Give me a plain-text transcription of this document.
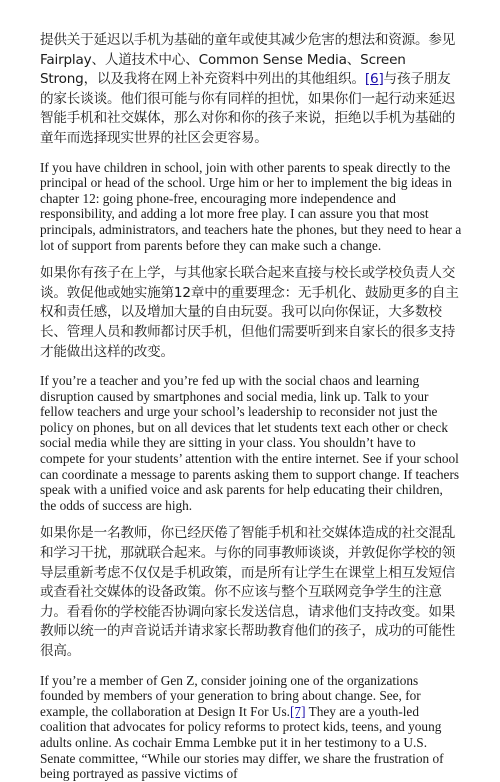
提供关于延迟以手机为基础的童年或使其减少危害的想法和资源。参见Fairplay、人道技术中心、Common Sense Media、Screen Strong，以及我将在网上补充资料中列出的其他组织。[6]与孩子朋友的家长谈谈。他们很可能与你有同样的担忧，如果你们一起行动来延迟智能手机和社交媒体，那么对你和你的孩子来说，拒绝以手机为基础的童年而选择现实世界的社区会更容易。

If you have children in school, join with other parents to speak directly to the principal or head of the school. Urge him or her to implement the big ideas in chapter 12: going phone-free, encouraging more independence and responsibility, and adding a lot more free play. I can assure you that most principals, administrators, and teachers hate the phones, but they need to hear a lot of support from parents before they can make such a change.

如果你有孩子在上学，与其他家长联合起来直接与校长或学校负责人交谈。敦促他或她实施第12章中的重要理念：无手机化、鼓励更多的自主权和责任感，以及增加大量的自由玩耍。我可以向你保证，大多数校长、管理人员和教师都讨厌手机，但他们需要听到来自家长的很多支持才能做出这样的改变。

If you’re a teacher and you’re fed up with the social chaos and learning disruption caused by smartphones and social media, link up. Talk to your fellow teachers and urge your school’s leadership to reconsider not just the policy on phones, but on all devices that let students text each other or check social media while they are sitting in your class. You shouldn’t have to compete for your students’ attention with the entire internet. See if your school can coordinate a message to parents asking them to support change. If teachers speak with a unified voice and ask parents for help educating their children, the odds of success are high.

如果你是一名教师，你已经厌倦了智能手机和社交媒体造成的社交混乱和学习干扰，那就联合起来。与你的同事教师谈谈，并敦促你学校的领导层重新考虑不仅仅是手机政策，而是所有让学生在课堂上相互发短信或查看社交媒体的设备政策。你不应该与整个互联网竞争学生的注意力。看看你的学校能否协调向家长发送信息，请求他们支持改变。如果教师以统一的声音说话并请求家长帮助教育他们的孩子，成功的可能性很高。

If you’re a member of Gen Z, consider joining one of the organizations founded by members of your generation to bring about change. See, for example, the collaboration at Design It For Us.[7] They are a youth-led coalition that advocates for policy reforms to protect kids, teens, and young adults online. As cochair Emma Lembke put it in her testimony to a U.S. Senate committee, “While our stories may differ, we share the frustration of being portrayed as passive victims of
